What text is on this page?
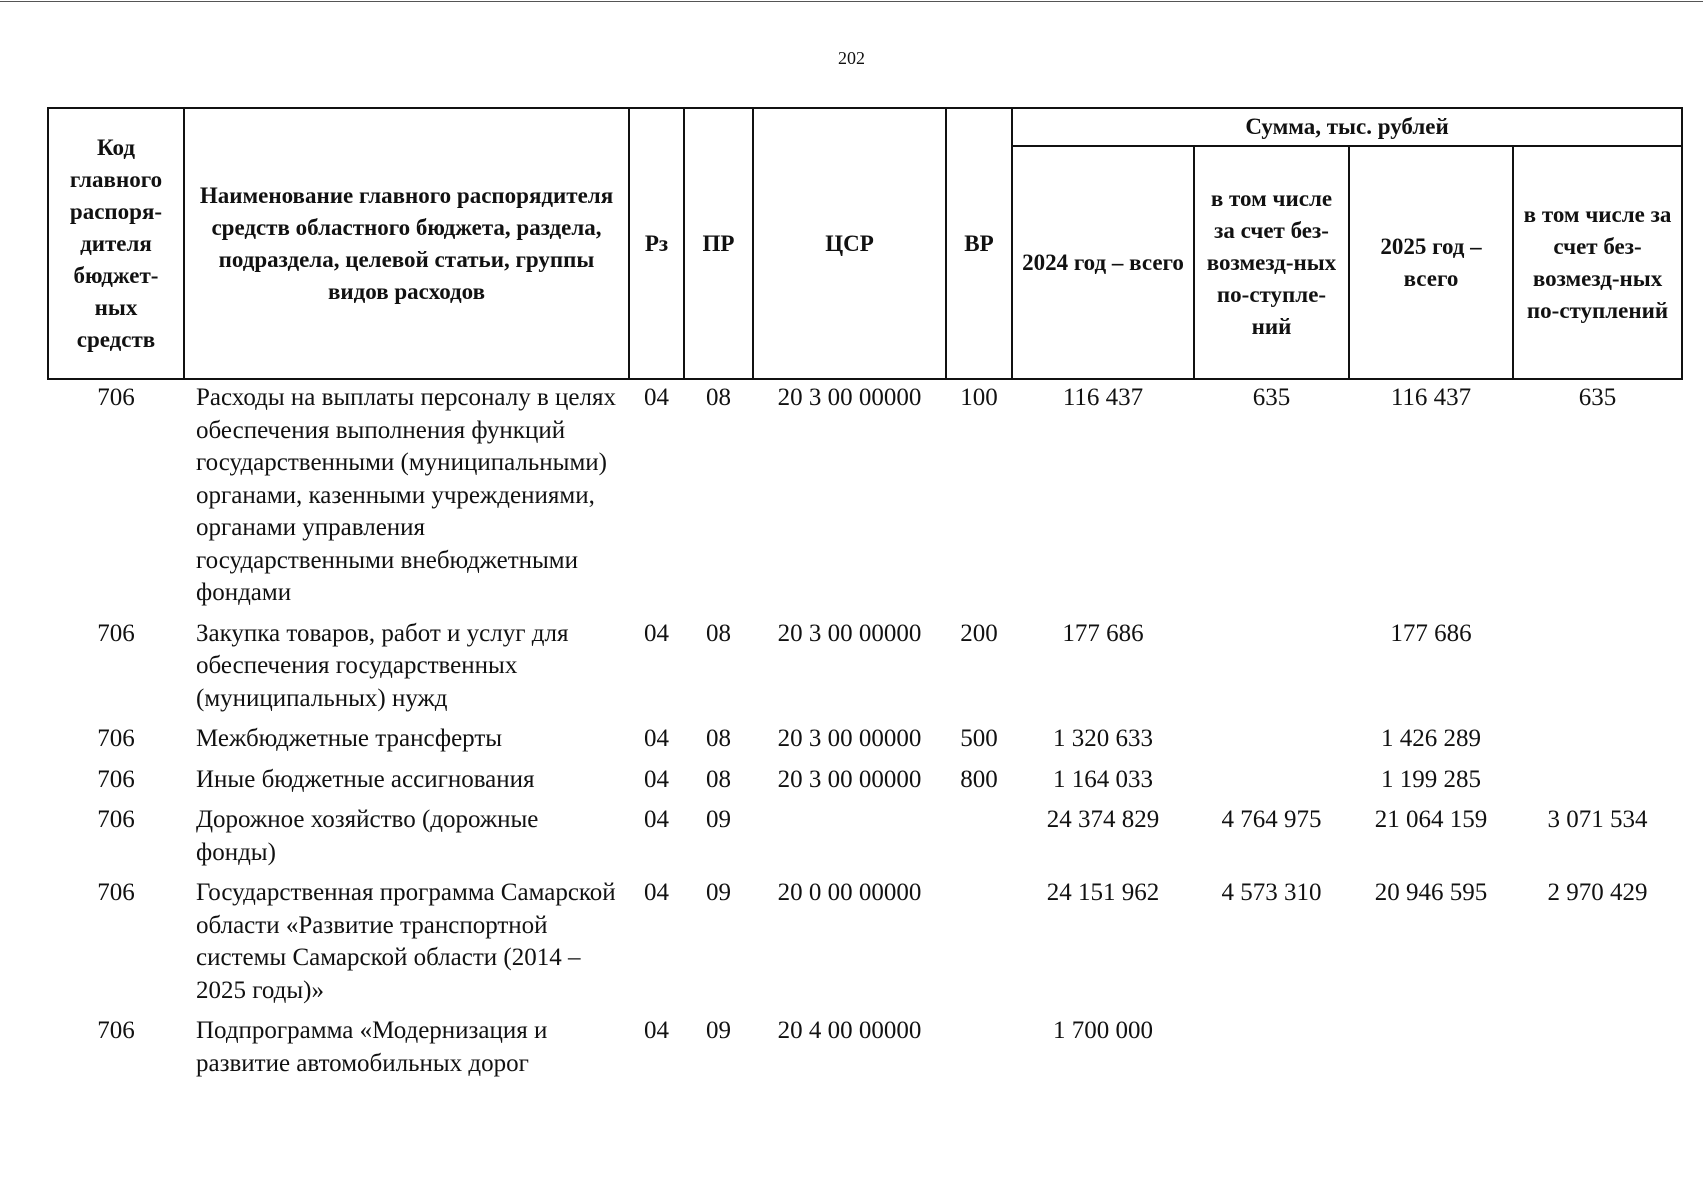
202
Код главного распоря-дителя бюджет-ных средств	Наименование главного распорядителя средств областного бюджета, раздела, подраздела, целевой статьи, группы видов расходов	Рз	ПР	ЦСР	ВР	Сумма, тыс. рублей			
						2024 год – всего	в том числе за счет без-возмезд-ных по-ступле-ний	2025 год – всего	в том числе за счет без-возмезд-ных по-ступлений
706	Расходы на выплаты персоналу в целях обеспечения выполнения функций государственными (муниципальными) органами, казенными учреждениями, органами управления государственными внебюджетными фондами	04	08	20 3 00 00000	100	116 437	635	116 437	635
706	Закупка товаров, работ и услуг для обеспечения государственных (муниципальных) нужд	04	08	20 3 00 00000	200	177 686		177 686	
706	Межбюджетные трансферты	04	08	20 3 00 00000	500	1 320 633		1 426 289	
706	Иные бюджетные ассигнования	04	08	20 3 00 00000	800	1 164 033		1 199 285	
706	Дорожное хозяйство (дорожные фонды)	04	09			24 374 829	4 764 975	21 064 159	3 071 534
706	Государственная программа Самарской области «Развитие транспортной системы Самарской области (2014 – 2025 годы)»	04	09	20 0 00 00000		24 151 962	4 573 310	20 946 595	2 970 429
706	Подпрограмма «Модернизация и развитие автомобильных дорог	04	09	20 4 00 00000		1 700 000			
